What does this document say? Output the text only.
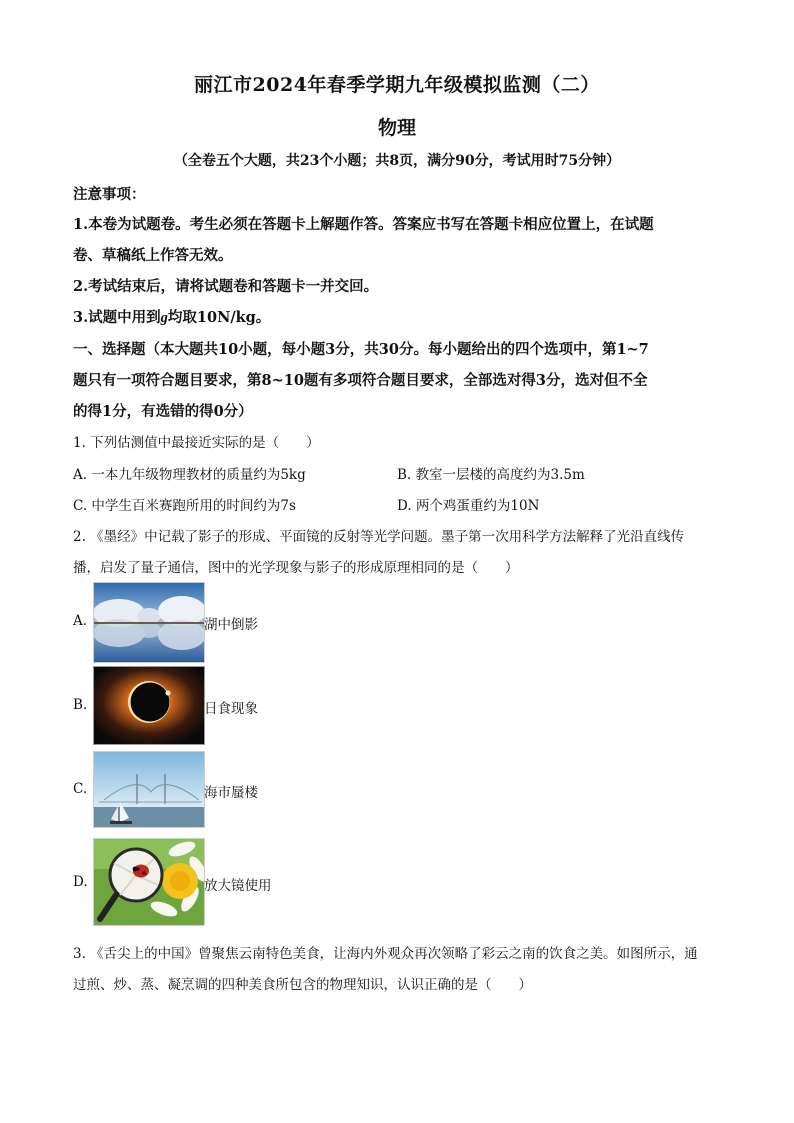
丽江市2024年春季学期九年级模拟监测（二）
物理
（全卷五个大题，共23个小题；共8页，满分90分，考试用时75分钟）
注意事项：
1.本卷为试题卷。考生必须在答题卡上解题作答。答案应书写在答题卡相应位置上，在试题
卷、草稿纸上作答无效。
2.考试结束后，请将试题卷和答题卡一并交回。
3.试题中用到g均取10N/kg。
一、选择题（本大题共10小题，每小题3分，共30分。每小题给出的四个选项中，第1~7
题只有一项符合题目要求，第8~10题有多项符合题目要求，全部选对得3分，选对但不全
的得1分，有选错的得0分）
1. 下列估测值中最接近实际的是（　　）
A. 一本九年级物理教材的质量约为5kg	B. 教室一层楼的高度约为3.5m
C. 中学生百米赛跑所用的时间约为7s	D. 两个鸡蛋重约为10N
2. 《墨经》中记载了影子的形成、平面镜的反射等光学问题。墨子第一次用科学方法解释了光沿直线传
播，启发了量子通信，图中的光学现象与影子的形成原理相同的是（　　）
A.	湖中倒影
B.	日食现象
C.	海市蜃楼
D.	放大镜使用
3. 《舌尖上的中国》曾聚焦云南特色美食，让海内外观众再次领略了彩云之南的饮食之美。如图所示，通
过煎、炒、蒸、凝烹调的四种美食所包含的物理知识，认识正确的是（　　）
